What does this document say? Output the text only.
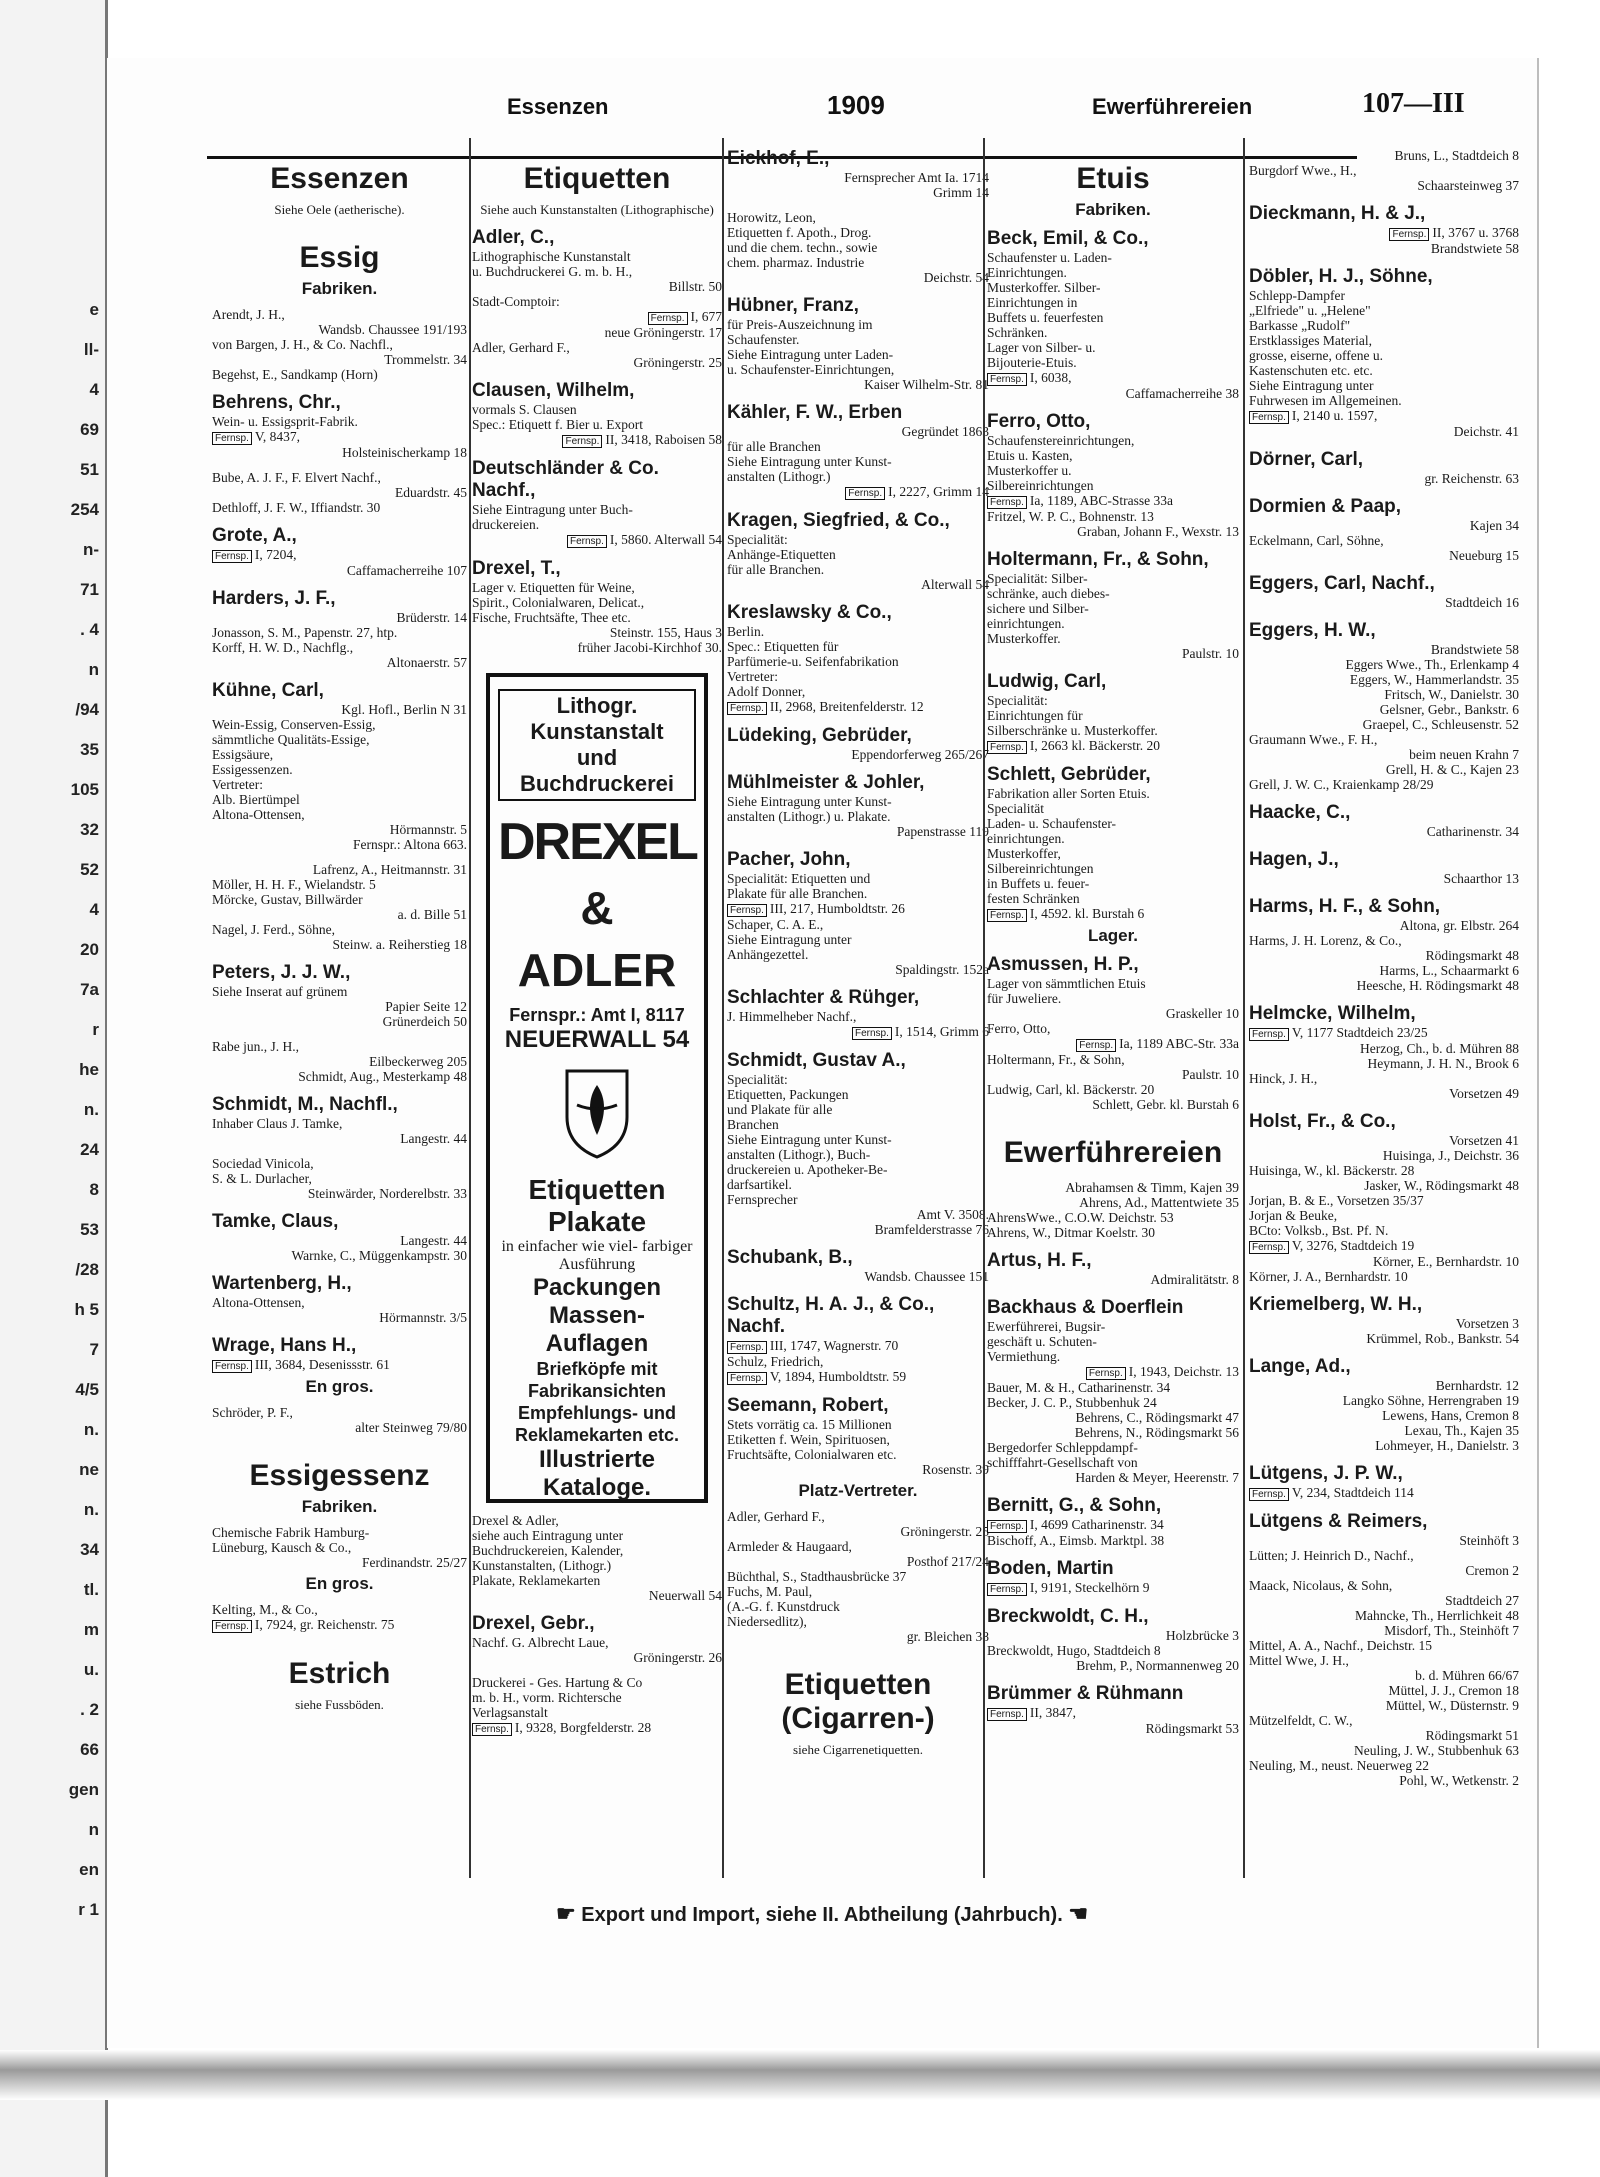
e
ll-
4
69
51
254
n-
71
. 4
n
/94
35
105
32
52
4
20
7a
r
he
n.
24
8
53
/28
h 5
7
4/5
n.
ne
n.
34
tl.
m
u.
. 2
66
gen
n
en
r 1
Essenzen	1909	Ewerführereien	107—III
Essenzen
Siehe Oele (aetherische).
Essig
Fabriken.
Arendt, J. H.,
Wandsb. Chaussee 191/193
von Bargen, J. H., & Co. Nachfl.,
Trommelstr. 34
Begehst, E., Sandkamp (Horn)
Behrens, Chr.,
Wein- u. Essigsprit-Fabrik.
Fernsp. V, 8437,
Holsteinischerkamp 18
Bube, A. J. F., F. Elvert Nachf.,
Eduardstr. 45
Dethloff, J. F. W., Iffiandstr. 30
Grote, A.,
Fernsp. I, 7204,
Caffamacherreihe 107
Harders, J. F.,
Brüderstr. 14
Jonasson, S. M., Papenstr. 27, htp.
Korff, H. W. D., Nachflg.,
Altonaerstr. 57
Kühne, Carl,
Kgl. Hofl., Berlin N 31
Wein-Essig, Conserven-Essig,
sämmtliche Qualitäts-Essige,
Essigsäure,
Essigessenzen.
Vertreter:
Alb. Biertümpel
Altona-Ottensen,
Hörmannstr. 5
Fernspr.: Altona 663.
Lafrenz, A., Heitmannstr. 31
Möller, H. H. F., Wielandstr. 5
Mörcke, Gustav, Billwärder
a. d. Bille 51
Nagel, J. Ferd., Söhne,
Steinw. a. Reiherstieg 18
Peters, J. J. W.,
Siehe Inserat auf grünem
Papier Seite 12
Grünerdeich 50
Rabe jun., J. H.,
Eilbeckerweg 205
Schmidt, Aug., Mesterkamp 48
Schmidt, M., Nachfl.,
Inhaber Claus J. Tamke,
Langestr. 44
Sociedad Vinicola,
S. & L. Durlacher,
Steinwärder, Norderelbstr. 33
Tamke, Claus,
Langestr. 44
Warnke, C., Müggenkampstr. 30
Wartenberg, H.,
Altona-Ottensen,
Hörmannstr. 3/5
Wrage, Hans H.,
Fernsp. III, 3684, Desenissstr. 61
En gros.
Schröder, P. F.,
alter Steinweg 79/80
Essigessenz
Fabriken.
Chemische Fabrik Hamburg-
Lüneburg, Kausch & Co.,
Ferdinandstr. 25/27
En gros.
Kelting, M., & Co.,
Fernsp. I, 7924, gr. Reichenstr. 75
Estrich
siehe Fussböden.
Etiquetten
Siehe auch Kunstanstalten (Lithographische)
Adler, C.,
Lithographische Kunstanstalt
u. Buchdruckerei G. m. b. H.,
Billstr. 50
Stadt-Comptoir:
Fernsp. I, 677
neue Gröningerstr. 17
Adler, Gerhard F.,
Gröningerstr. 25
Clausen, Wilhelm,
vormals S. Clausen
Spec.: Etiquett f. Bier u. Export
Fernsp. II, 3418, Raboisen 58
Deutschländer & Co. Nachf.,
Siehe Eintragung unter Buch-
druckereien.
Fernsp. I, 5860. Alterwall 54
Drexel, T.,
Lager v. Etiquetten für Weine,
Spirit., Colonialwaren, Delicat.,
Fische, Fruchtsäfte, Thee etc.
Steinstr. 155, Haus 3
früher Jacobi-Kirchhof 30.
Lithogr. Kunstanstalt
und Buchdruckerei
DREXEL
& ADLER
Fernspr.: Amt I, 8117
NEUERWALL 54
Etiquetten
Plakate
in einfacher wie viel- farbiger Ausführung
Packungen
Massen-
Auflagen
Briefköpfe mit
Fabrikansichten
Empfehlungs- und
Reklamekarten etc.
Illustrierte
Kataloge.
Drexel & Adler,
siehe auch Eintragung unter
Buchdruckereien, Kalender,
Kunstanstalten, (Lithogr.)
Plakate, Reklamekarten
Neuerwall 54
Drexel, Gebr.,
Nachf. G. Albrecht Laue,
Gröningerstr. 26
Druckerei - Ges. Hartung & Co
m. b. H., vorm. Richtersche
Verlagsanstalt
Fernsp. I, 9328, Borgfelderstr. 28
Eickhof, E.,
Fernsprecher Amt Ia. 1714
Grimm 14
Horowitz, Leon,
Etiquetten f. Apoth., Drog.
und die chem. techn., sowie
chem. pharmaz. Industrie
Deichstr. 54
Hübner, Franz,
für Preis-Auszeichnung im
Schaufenster.
Siehe Eintragung unter Laden-
u. Schaufenster-Einrichtungen,
Kaiser Wilhelm-Str. 81
Kähler, F. W., Erben
Gegründet 1863
für alle Branchen
Siehe Eintragung unter Kunst-
anstalten (Lithogr.)
Fernsp. I, 2227, Grimm 14
Kragen, Siegfried, & Co.,
Specialität:
Anhänge-Etiquetten
für alle Branchen.
Alterwall 54
Kreslawsky & Co.,
Berlin.
Spec.: Etiquetten für
Parfümerie-u. Seifenfabrikation
Vertreter:
Adolf Donner,
Fernsp. II, 2968, Breitenfelderstr. 12
Lüdeking, Gebrüder,
Eppendorferweg 265/267
Mühlmeister & Johler,
Siehe Eintragung unter Kunst-
anstalten (Lithogr.) u. Plakate.
Papenstrasse 119
Pacher, John,
Specialität: Etiquetten und
Plakate für alle Branchen.
Fernsp. III, 217, Humboldtstr. 26
Schaper, C. A. E.,
Siehe Eintragung unter
Anhängezettel.
Spaldingstr. 152a
Schlachter & Rühger,
J. Himmelheber Nachf.,
Fernsp. I, 1514, Grimm 6
Schmidt, Gustav A.,
Specialität:
Etiquetten, Packungen
und Plakate für alle
Branchen
Siehe Eintragung unter Kunst-
anstalten (Lithogr.), Buch-
druckereien u. Apotheker-Be-
darfsartikel.
Fernsprecher
Amt V. 3508.
Bramfelderstrasse 76
Schubank, B.,
Wandsb. Chaussee 151
Schultz, H. A. J., & Co., Nachf.
Fernsp. III, 1747, Wagnerstr. 70
Schulz, Friedrich,
Fernsp. V, 1894, Humboldtstr. 59
Seemann, Robert,
Stets vorrätig ca. 15 Millionen
Etiketten f. Wein, Spirituosen,
Fruchtsäfte, Colonialwaren etc.
Rosenstr. 39
Platz-Vertreter.
Adler, Gerhard F.,
Gröningerstr. 25
Armleder & Haugaard,
Posthof 217/24
Büchthal, S., Stadthausbrücke 37
Fuchs, M. Paul,
(A.-G. f. Kunstdruck
Niedersedlitz),
gr. Bleichen 38
Etiquetten (Cigarren-)
siehe Cigarrenetiquetten.
Etuis
Fabriken.
Beck, Emil, & Co.,
Schaufenster u. Laden-
Einrichtungen.
Musterkoffer. Silber-
Einrichtungen in
Buffets u. feuerfesten
Schränken.
Lager von Silber- u.
Bijouterie-Etuis.
Fernsp. I, 6038,
Caffamacherreihe 38
Ferro, Otto,
Schaufenstereinrichtungen,
Etuis u. Kasten,
Musterkoffer u.
Silbereinrichtungen
Fernsp. Ia, 1189, ABC-Strasse 33a
Fritzel, W. P. C., Bohnenstr. 13
Graban, Johann F., Wexstr. 13
Holtermann, Fr., & Sohn,
Specialität: Silber-
schränke, auch diebes-
sichere und Silber-
einrichtungen.
Musterkoffer.
Paulstr. 10
Ludwig, Carl,
Specialität:
Einrichtungen für
Silberschränke u. Musterkoffer.
Fernsp. I, 2663 kl. Bäckerstr. 20
Schlett, Gebrüder,
Fabrikation aller Sorten Etuis.
Specialität
Laden- u. Schaufenster-
einrichtungen.
Musterkoffer,
Silbereinrichtungen
in Buffets u. feuer-
festen Schränken
Fernsp. I, 4592. kl. Burstah 6
Lager.
Asmussen, H. P.,
Lager von sämmtlichen Etuis
für Juweliere.
Graskeller 10
Ferro, Otto,
Fernsp. Ia, 1189 ABC-Str. 33a
Holtermann, Fr., & Sohn,
Paulstr. 10
Ludwig, Carl, kl. Bäckerstr. 20
Schlett, Gebr. kl. Burstah 6
Ewerführereien
Abrahamsen & Timm, Kajen 39
Ahrens, Ad., Mattentwiete 35
AhrensWwe., C.O.W. Deichstr. 53
Ahrens, W., Ditmar Koelstr. 30
Artus, H. F.,
Admiralitätstr. 8
Backhaus & Doerflein
Ewerführerei, Bugsir-
geschäft u. Schuten-
Vermiethung.
Fernsp. I, 1943, Deichstr. 13
Bauer, M. & H., Catharinenstr. 34
Becker, J. C. P., Stubbenhuk 24
Behrens, C., Rödingsmarkt 47
Behrens, N., Rödingsmarkt 56
Bergedorfer Schleppdampf-
schifffahrt-Gesellschaft von
Harden & Meyer, Heerenstr. 7
Bernitt, G., & Sohn,
Fernsp. I, 4699 Catharinenstr. 34
Bischoff, A., Eimsb. Marktpl. 38
Boden, Martin
Fernsp. I, 9191, Steckelhörn 9
Breckwoldt, C. H.,
Holzbrücke 3
Breckwoldt, Hugo, Stadtdeich 8
Brehm, P., Normannenweg 20
Brümmer & Rühmann
Fernsp. II, 3847,
Rödingsmarkt 53
Bruns, L., Stadtdeich 8
Burgdorf Wwe., H.,
Schaarsteinweg 37
Dieckmann, H. & J.,
Fernsp. II, 3767 u. 3768
Brandstwiete 58
Döbler, H. J., Söhne,
Schlepp-Dampfer
„Elfriede" u. „Helene"
Barkasse „Rudolf"
Erstklassiges Material,
grosse, eiserne, offene u.
Kastenschuten etc. etc.
Siehe Eintragung unter
Fuhrwesen im Allgemeinen.
Fernsp. I, 2140 u. 1597,
Deichstr. 41
Dörner, Carl,
gr. Reichenstr. 63
Dormien & Paap,
Kajen 34
Eckelmann, Carl, Söhne,
Neueburg 15
Eggers, Carl, Nachf.,
Stadtdeich 16
Eggers, H. W.,
Brandstwiete 58
Eggers Wwe., Th., Erlenkamp 4
Eggers, W., Hammerlandstr. 35
Fritsch, W., Danielstr. 30
Gelsner, Gebr., Bankstr. 6
Graepel, C., Schleusenstr. 52
Graumann Wwe., F. H.,
beim neuen Krahn 7
Grell, H. & C., Kajen 23
Grell, J. W. C., Kraienkamp 28/29
Haacke, C.,
Catharinenstr. 34
Hagen, J.,
Schaarthor 13
Harms, H. F., & Sohn,
Altona, gr. Elbstr. 264
Harms, J. H. Lorenz, & Co.,
Rödingsmarkt 48
Harms, L., Schaarmarkt 6
Heesche, H. Rödingsmarkt 48
Helmcke, Wilhelm,
Fernsp. V, 1177 Stadtdeich 23/25
Herzog, Ch., b. d. Mühren 88
Heymann, J. H. N., Brook 6
Hinck, J. H.,
Vorsetzen 49
Holst, Fr., & Co.,
Vorsetzen 41
Huisinga, J., Deichstr. 36
Huisinga, W., kl. Bäckerstr. 28
Jasker, W., Rödingsmarkt 48
Jorjan, B. & E., Vorsetzen 35/37
Jorjan & Beuke,
BCto: Volksb., Bst. Pf. N.
Fernsp. V, 3276, Stadtdeich 19
Körner, E., Bernhardstr. 10
Körner, J. A., Bernhardstr. 10
Kriemelberg, W. H.,
Vorsetzen 3
Krümmel, Rob., Bankstr. 54
Lange, Ad.,
Bernhardstr. 12
Langko Söhne, Herrengraben 19
Lewens, Hans, Cremon 8
Lexau, Th., Kajen 35
Lohmeyer, H., Danielstr. 3
Lütgens, J. P. W.,
Fernsp. V, 234, Stadtdeich 114
Lütgens & Reimers,
Steinhöft 3
Lütten; J. Heinrich D., Nachf.,
Cremon 2
Maack, Nicolaus, & Sohn,
Stadtdeich 27
Mahncke, Th., Herrlichkeit 48
Misdorf, Th., Steinhöft 7
Mittel, A. A., Nachf., Deichstr. 15
Mittel Wwe, J. H.,
b. d. Mühren 66/67
Müttel, J. J., Cremon 18
Müttel, W., Düsternstr. 9
Mützelfeldt, C. W.,
Rödingsmarkt 51
Neuling, J. W., Stubbenhuk 63
Neuling, M., neust. Neuerweg 22
Pohl, W., Wetkenstr. 2
☛ Export und Import, siehe II. Abtheilung (Jahrbuch). ☚
